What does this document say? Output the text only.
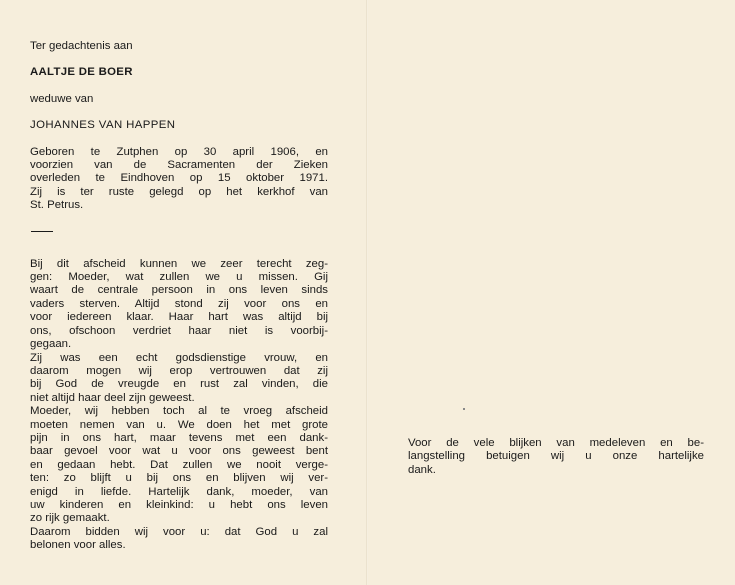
Ter gedachtenis aan
AALTJE DE BOER
weduwe van
JOHANNES VAN HAPPEN
Geboren te Zutphen op 30 april 1906, en
voorzien van de Sacramenten der Zieken
overleden te Eindhoven op 15 oktober 1971.
Zij is ter ruste gelegd op het kerkhof van
St. Petrus.
Bij dit afscheid kunnen we zeer terecht zeg-
gen: Moeder, wat zullen we u missen. Gij
waart de centrale persoon in ons leven sinds
vaders sterven. Altijd stond zij voor ons en
voor iedereen klaar. Haar hart was altijd bij
ons, ofschoon verdriet haar niet is voorbij-
gegaan.
Zij was een echt godsdienstige vrouw, en
daarom mogen wij erop vertrouwen dat zij
bij God de vreugde en rust zal vinden, die
niet altijd haar deel zijn geweest.
Moeder, wij hebben toch al te vroeg afscheid
moeten nemen van u. We doen het met grote
pijn in ons hart, maar tevens met een dank-
baar gevoel voor wat u voor ons geweest bent
en gedaan hebt. Dat zullen we nooit verge-
ten: zo blijft u bij ons en blijven wij ver-
enigd in liefde. Hartelijk dank, moeder, van
uw kinderen en kleinkind: u hebt ons leven
zo rijk gemaakt.
Daarom bidden wij voor u: dat God u zal
belonen voor alles.
Voor de vele blijken van medeleven en be-
langstelling betuigen wij u onze hartelijke
dank.
